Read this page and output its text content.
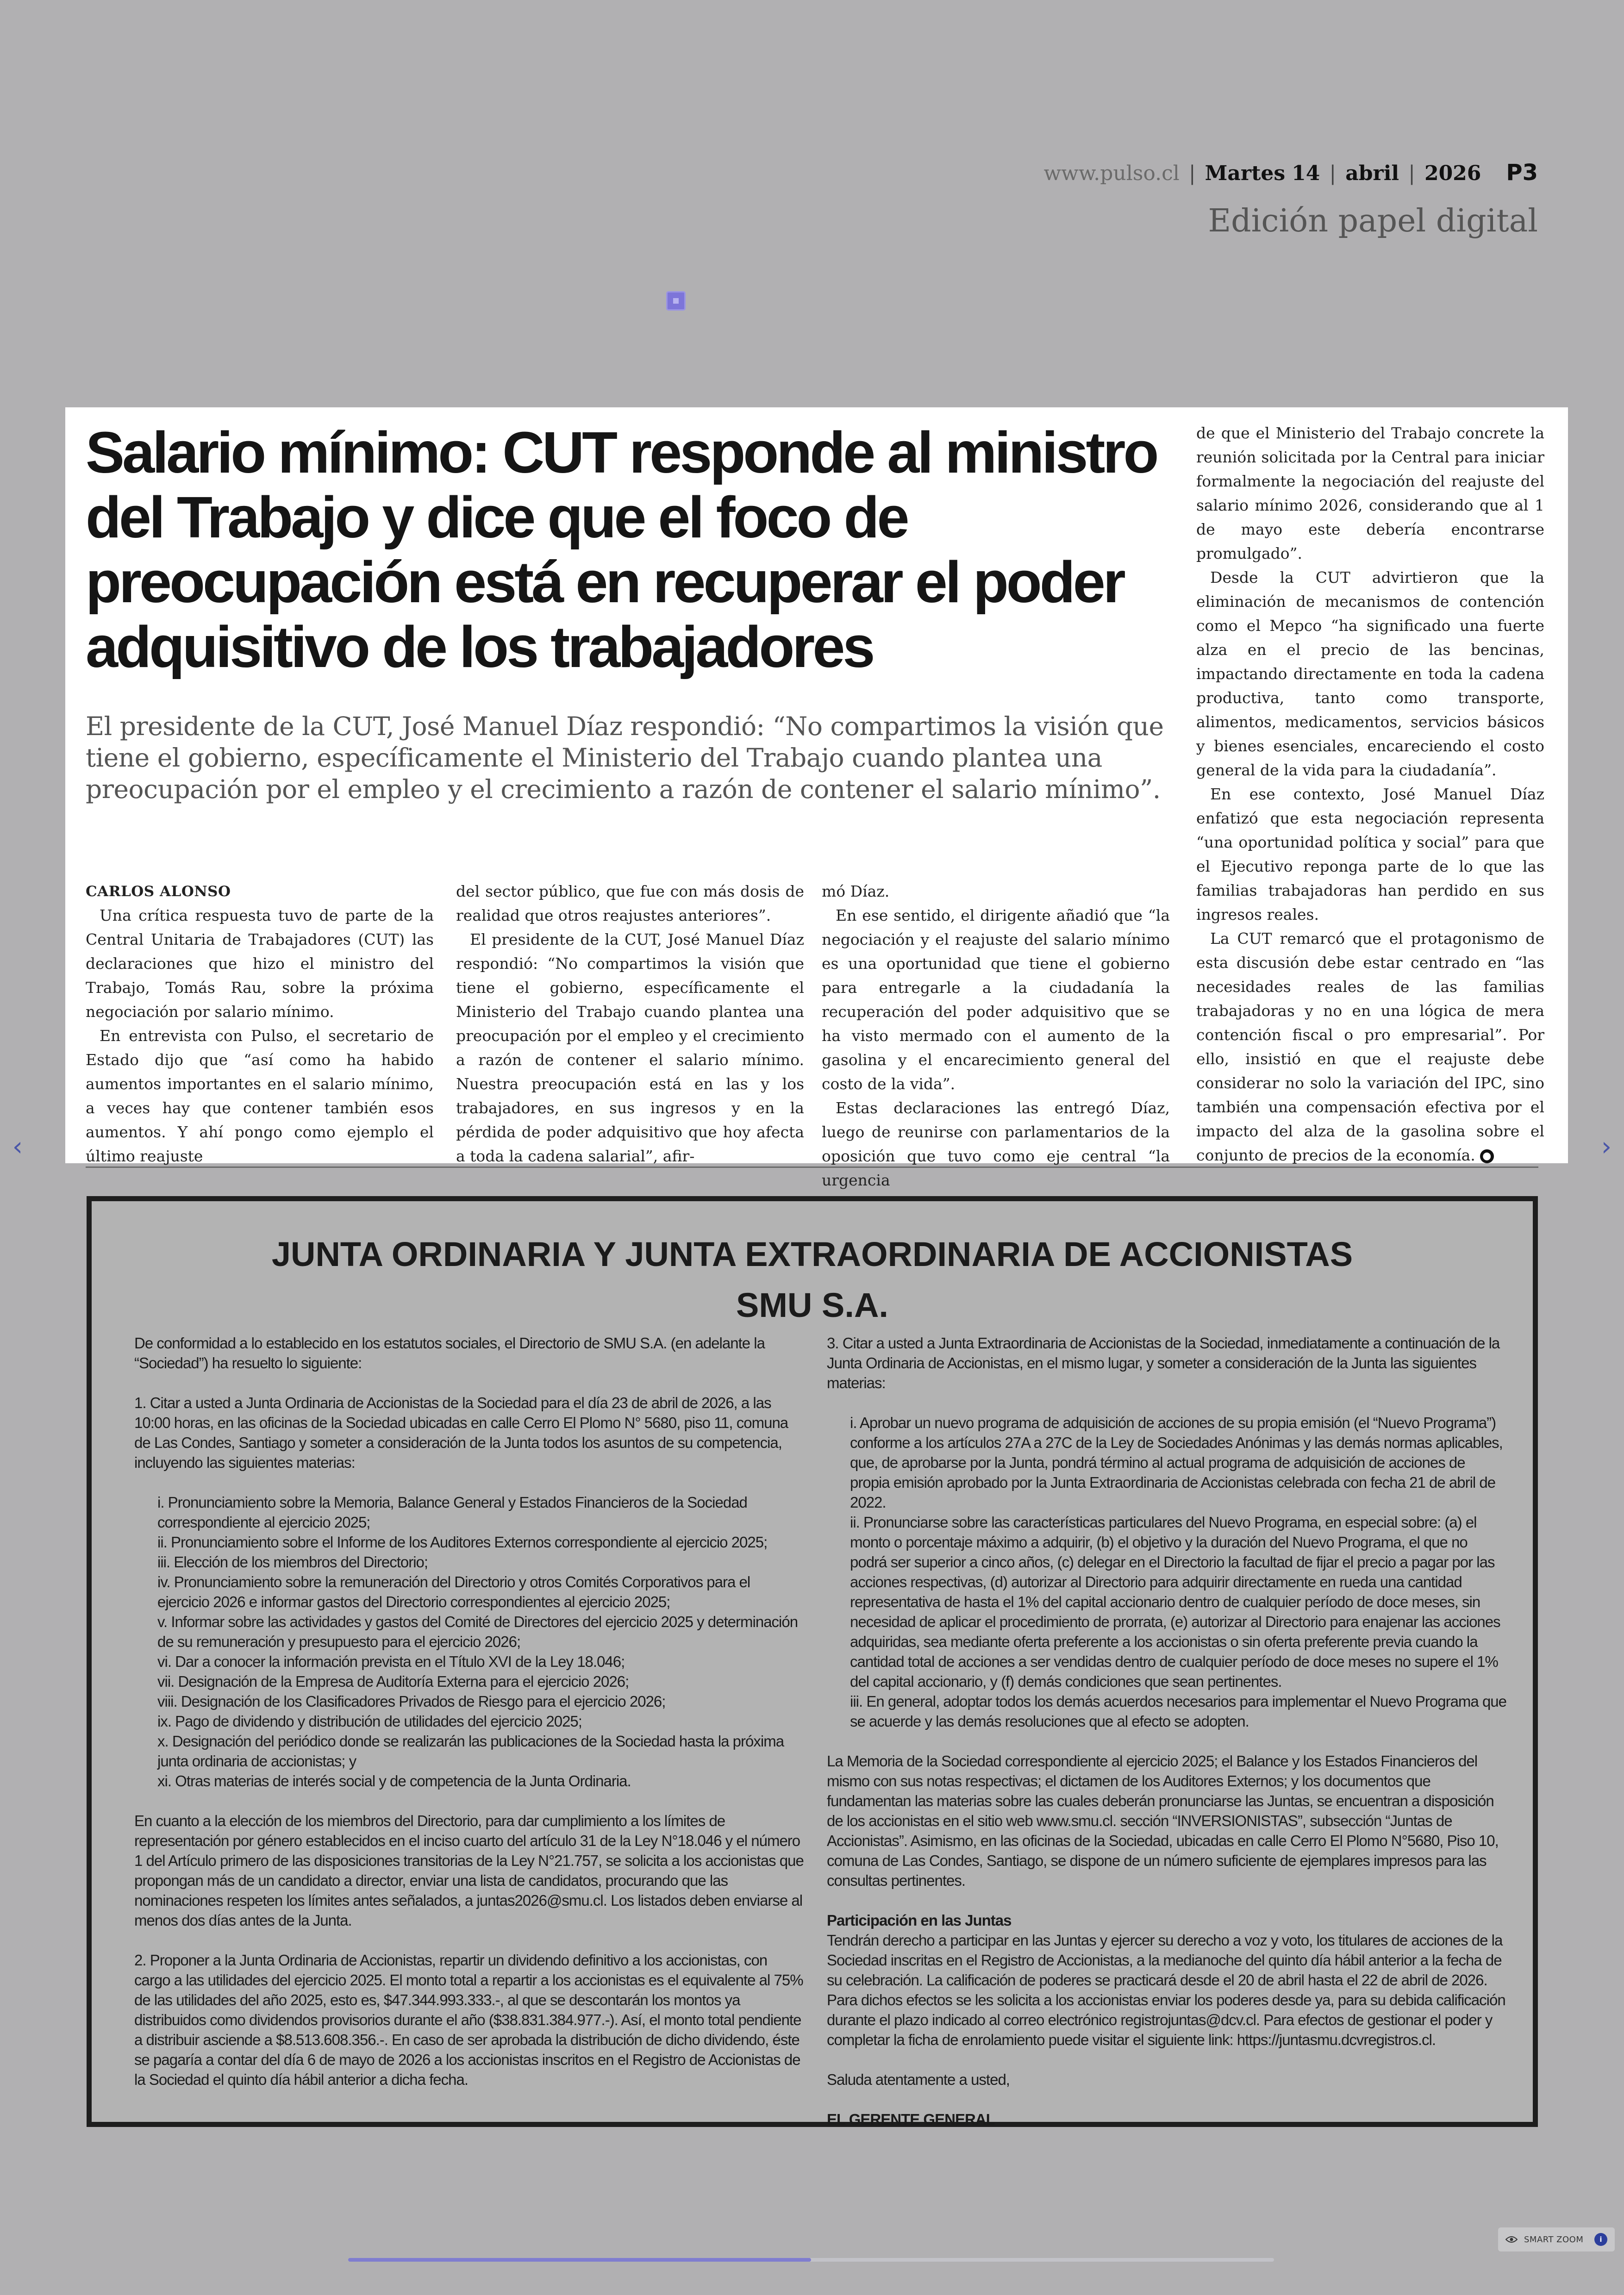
www.pulso.cl | Martes 14 | abril | 2026 P3
Edición papel digital
Salario mínimo: CUT responde al ministro del Trabajo y dice que el foco de preocupación está en recuperar el poder adquisitivo de los trabajadores

El presidente de la CUT, José Manuel Díaz respondió: “No compartimos la visión que tiene el gobierno, específicamente el Ministerio del Trabajo cuando plantea una preocupación por el empleo y el crecimiento a razón de contener el salario mínimo”.

CARLOS ALONSO

Una crítica respuesta tuvo de parte de la Central Unitaria de Trabajadores (CUT) las declaraciones que hizo el ministro del Trabajo, Tomás Rau, sobre la próxima negociación por salario mínimo.

En entrevista con Pulso, el secretario de Estado dijo que “así como ha habido aumentos importantes en el salario mínimo, a veces hay que contener también esos aumentos. Y ahí pongo como ejemplo el último reajuste

del sector público, que fue con más dosis de realidad que otros reajustes anteriores”.

El presidente de la CUT, José Manuel Díaz respondió: “No compartimos la visión que tiene el gobierno, específicamente el Ministerio del Trabajo cuando plantea una preocupación por el empleo y el crecimiento a razón de contener el salario mínimo. Nuestra preocupación está en las y los trabajadores, en sus ingresos y en la pérdida de poder adquisitivo que hoy afecta a toda la cadena salarial”, afir-

mó Díaz.

En ese sentido, el dirigente añadió que “la negociación y el reajuste del salario mínimo es una oportunidad que tiene el gobierno para entregarle a la ciudadanía la recuperación del poder adquisitivo que se ha visto mermado con el aumento de la gasolina y el encarecimiento general del costo de la vida”.

Estas declaraciones las entregó Díaz, luego de reunirse con parlamentarios de la oposición que tuvo como eje central “la urgencia

de que el Ministerio del Trabajo concrete la reunión solicitada por la Central para iniciar formalmente la negociación del reajuste del salario mínimo 2026, considerando que al 1 de mayo este debería encontrarse promulgado”.

Desde la CUT advirtieron que la eliminación de mecanismos de contención como el Mepco “ha significado una fuerte alza en el precio de las bencinas, impactando directamente en toda la cadena productiva, tanto como transporte, alimentos, medicamentos, servicios básicos y bienes esenciales, encareciendo el costo general de la vida para la ciudadanía”.

En ese contexto, José Manuel Díaz enfatizó que esta negociación representa “una oportunidad política y social” para que el Ejecutivo reponga parte de lo que las familias trabajadoras han perdido en sus ingresos reales.

La CUT remarcó que el protagonismo de esta discusión debe estar centrado en “las necesidades reales de las familias trabajadoras y no en una lógica de mera contención fiscal o pro empresarial”. Por ello, insistió en que el reajuste debe considerar no solo la variación del IPC, sino también una compensación efectiva por el impacto del alza de la gasolina sobre el conjunto de precios de la economía. ●

JUNTA ORDINARIA Y JUNTA EXTRAORDINARIA DE ACCIONISTAS
SMU S.A.

De conformidad a lo establecido en los estatutos sociales, el Directorio de SMU S.A. (en adelante la “Sociedad”) ha resuelto lo siguiente:

1. Citar a usted a Junta Ordinaria de Accionistas de la Sociedad para el día 23 de abril de 2026, a las 10:00 horas, en las oficinas de la Sociedad ubicadas en calle Cerro El Plomo N° 5680, piso 11, comuna de Las Condes, Santiago y someter a consideración de la Junta todos los asuntos de su competencia, incluyendo las siguientes materias:

i. Pronunciamiento sobre la Memoria, Balance General y Estados Financieros de la Sociedad correspondiente al ejercicio 2025;
ii. Pronunciamiento sobre el Informe de los Auditores Externos correspondiente al ejercicio 2025;
iii. Elección de los miembros del Directorio;
iv. Pronunciamiento sobre la remuneración del Directorio y otros Comités Corporativos para el ejercicio 2026 e informar gastos del Directorio correspondientes al ejercicio 2025;
v. Informar sobre las actividades y gastos del Comité de Directores del ejercicio 2025 y determinación de su remuneración y presupuesto para el ejercicio 2026;
vi. Dar a conocer la información prevista en el Título XVI de la Ley 18.046;
vii. Designación de la Empresa de Auditoría Externa para el ejercicio 2026;
viii. Designación de los Clasificadores Privados de Riesgo para el ejercicio 2026;
ix. Pago de dividendo y distribución de utilidades del ejercicio 2025;
x. Designación del periódico donde se realizarán las publicaciones de la Sociedad hasta la próxima junta ordinaria de accionistas; y
xi. Otras materias de interés social y de competencia de la Junta Ordinaria.

En cuanto a la elección de los miembros del Directorio, para dar cumplimiento a los límites de representación por género establecidos en el inciso cuarto del artículo 31 de la Ley N°18.046 y el número 1 del Artículo primero de las disposiciones transitorias de la Ley N°21.757, se solicita a los accionistas que propongan más de un candidato a director, enviar una lista de candidatos, procurando que las nominaciones respeten los límites antes señalados, a juntas2026@smu.cl. Los listados deben enviarse al menos dos días antes de la Junta.

2. Proponer a la Junta Ordinaria de Accionistas, repartir un dividendo definitivo a los accionistas, con cargo a las utilidades del ejercicio 2025. El monto total a repartir a los accionistas es el equivalente al 75% de las utilidades del año 2025, esto es, $47.344.993.333.-, al que se descontarán los montos ya distribuidos como dividendos provisorios durante el año ($38.831.384.977.-). Así, el monto total pendiente a distribuir asciende a $8.513.608.356.-. En caso de ser aprobada la distribución de dicho dividendo, éste se pagaría a contar del día 6 de mayo de 2026 a los accionistas inscritos en el Registro de Accionistas de la Sociedad el quinto día hábil anterior a dicha fecha.

3. Citar a usted a Junta Extraordinaria de Accionistas de la Sociedad, inmediatamente a continuación de la Junta Ordinaria de Accionistas, en el mismo lugar, y someter a consideración de la Junta las siguientes materias:

i. Aprobar un nuevo programa de adquisición de acciones de su propia emisión (el “Nuevo Programa”) conforme a los artículos 27A a 27C de la Ley de Sociedades Anónimas y las demás normas aplicables, que, de aprobarse por la Junta, pondrá término al actual programa de adquisición de acciones de propia emisión aprobado por la Junta Extraordinaria de Accionistas celebrada con fecha 21 de abril de 2022.
ii. Pronunciarse sobre las características particulares del Nuevo Programa, en especial sobre: (a) el monto o porcentaje máximo a adquirir, (b) el objetivo y la duración del Nuevo Programa, el que no podrá ser superior a cinco años, (c) delegar en el Directorio la facultad de fijar el precio a pagar por las acciones respectivas, (d) autorizar al Directorio para adquirir directamente en rueda una cantidad representativa de hasta el 1% del capital accionario dentro de cualquier período de doce meses, sin necesidad de aplicar el procedimiento de prorrata, (e) autorizar al Directorio para enajenar las acciones adquiridas, sea mediante oferta preferente a los accionistas o sin oferta preferente previa cuando la cantidad total de acciones a ser vendidas dentro de cualquier período de doce meses no supere el 1% del capital accionario, y (f) demás condiciones que sean pertinentes.
iii. En general, adoptar todos los demás acuerdos necesarios para implementar el Nuevo Programa que se acuerde y las demás resoluciones que al efecto se adopten.

La Memoria de la Sociedad correspondiente al ejercicio 2025; el Balance y los Estados Financieros del mismo con sus notas respectivas; el dictamen de los Auditores Externos; y los documentos que fundamentan las materias sobre las cuales deberán pronunciarse las Juntas, se encuentran a disposición de los accionistas en el sitio web www.smu.cl. sección “INVERSIONISTAS”, subsección “Juntas de Accionistas”. Asimismo, en las oficinas de la Sociedad, ubicadas en calle Cerro El Plomo N°5680, Piso 10, comuna de Las Condes, Santiago, se dispone de un número suficiente de ejemplares impresos para las consultas pertinentes.

Participación en las Juntas

Tendrán derecho a participar en las Juntas y ejercer su derecho a voz y voto, los titulares de acciones de la Sociedad inscritas en el Registro de Accionistas, a la medianoche del quinto día hábil anterior a la fecha de su celebración. La calificación de poderes se practicará desde el 20 de abril hasta el 22 de abril de 2026. Para dichos efectos se les solicita a los accionistas enviar los poderes desde ya, para su debida calificación durante el plazo indicado al correo electrónico registrojuntas@dcv.cl. Para efectos de gestionar el poder y completar la ficha de enrolamiento puede visitar el siguiente link: https://juntasmu.dcvregistros.cl.

Saluda atentamente a usted,

EL GERENTE GENERAL

‹	›
SMART ZOOM	i
